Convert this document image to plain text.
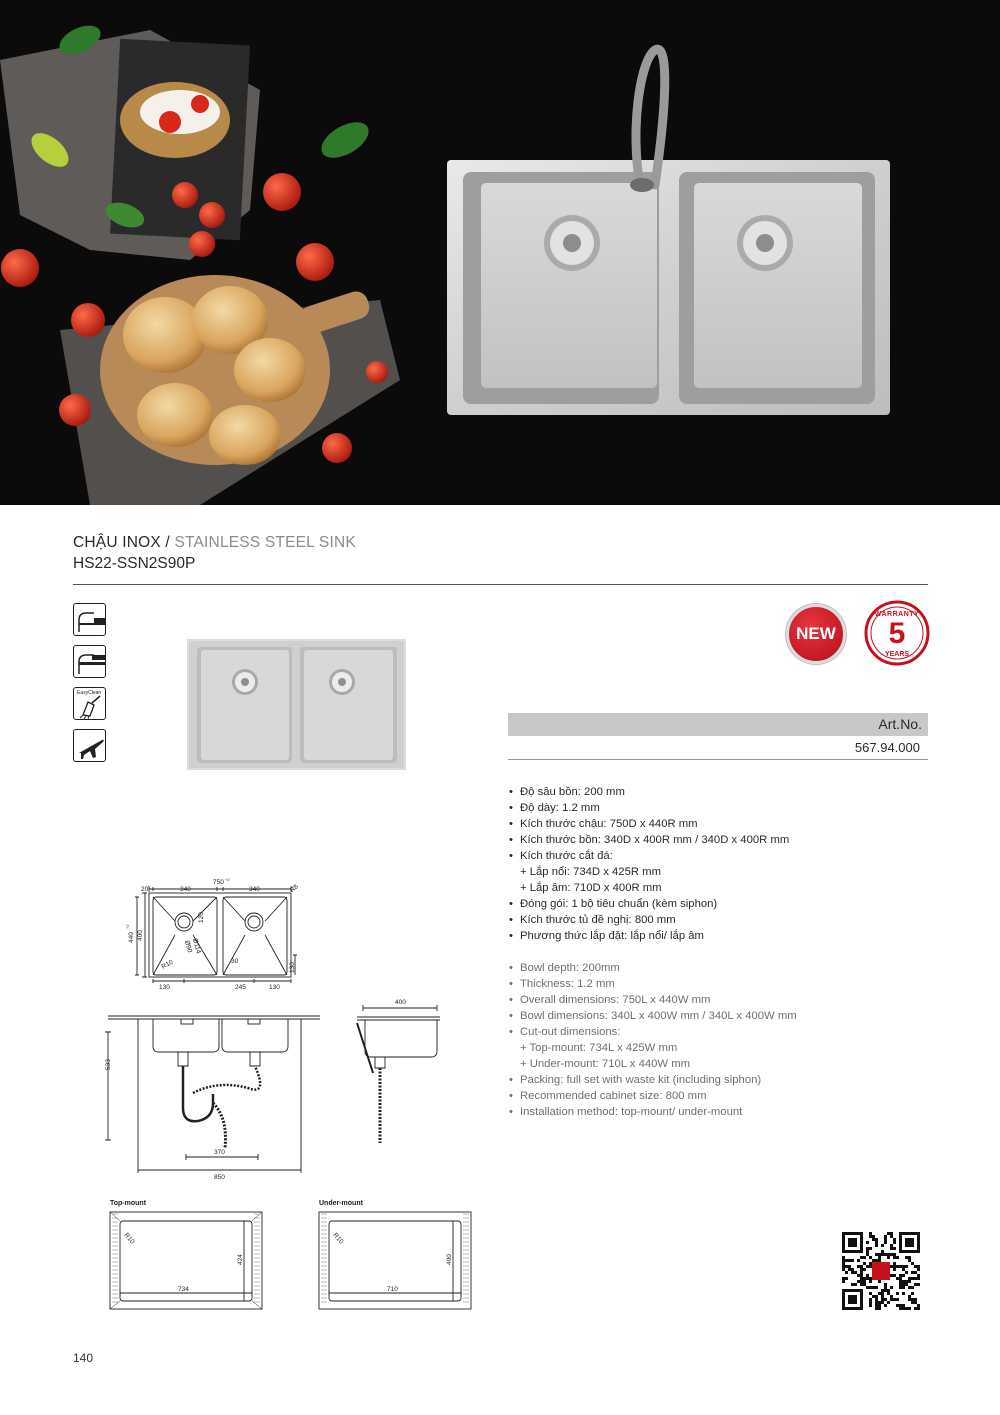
CHẬU INOX / STAINLESS STEEL SINK
HS22-SSN2S90P
EasyClean
NEW
WARRANTY
5
YEARS
Art.No.
567.94.000
• Độ sâu bồn: 200 mm
• Độ dày: 1.2 mm
• Kích thước chậu: 750D x 440R mm
• Kích thước bồn: 340D x 400R mm / 340D x 400R mm
• Kích thước cắt đá:
+ Lắp nổi: 734D x 425R mm
+ Lắp âm: 710D x 400R mm
• Đóng gói: 1 bộ tiêu chuẩn (kèm siphon)
• Kích thước tủ đề nghị: 800 mm
• Phương thức lắp đặt: lắp nổi/ lắp âm
• Bowl depth: 200mm
• Thickness: 1.2 mm
• Overall dimensions: 750L x 440W mm
• Bowl dimensions: 340L x 400W mm / 340L x 400W mm
• Cut-out dimensions:
+ Top-mount: 734L x 425W mm
+ Under-mount: 710L x 440W mm
• Packing: full set with waste kit (including siphon)
• Recommended cabinet size: 800 mm
• Installation method: top-mount/ under-mount
750 +2
20	340	340	R8
440
+2
400
Ø90
Ø114
120
R10	30
130
130	245	130
533
370
850
400
Top-mount
R10
734
424
Under-mount
R10
710
400
140
